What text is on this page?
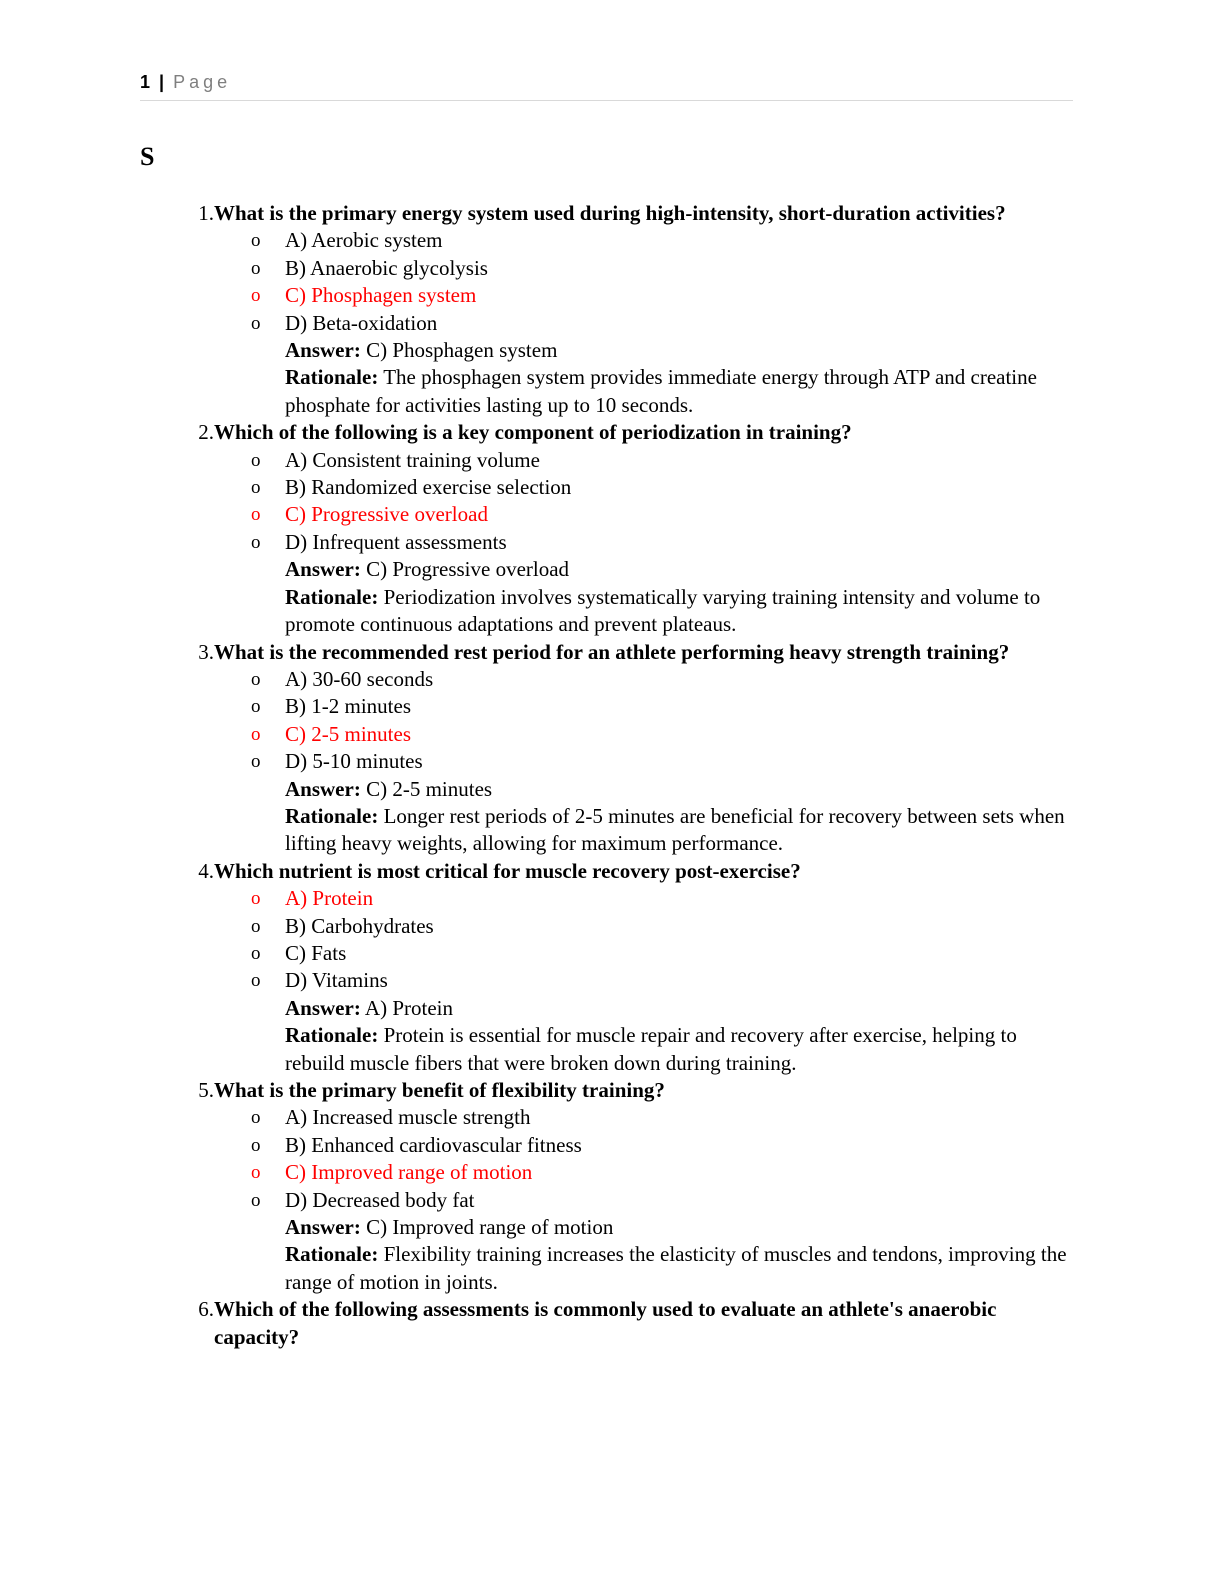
1 | Page
S
1. What is the primary energy system used during high-intensity, short-duration activities?
o	A) Aerobic system
o	B) Anaerobic glycolysis
o	C) Phosphagen system
o	D) Beta-oxidation
Answer: C) Phosphagen system
Rationale: The phosphagen system provides immediate energy through ATP and creatine phosphate for activities lasting up to 10 seconds.
2. Which of the following is a key component of periodization in training?
o	A) Consistent training volume
o	B) Randomized exercise selection
o	C) Progressive overload
o	D) Infrequent assessments
Answer: C) Progressive overload
Rationale: Periodization involves systematically varying training intensity and volume to promote continuous adaptations and prevent plateaus.
3. What is the recommended rest period for an athlete performing heavy strength training?
o	A) 30-60 seconds
o	B) 1-2 minutes
o	C) 2-5 minutes
o	D) 5-10 minutes
Answer: C) 2-5 minutes
Rationale: Longer rest periods of 2-5 minutes are beneficial for recovery between sets when lifting heavy weights, allowing for maximum performance.
4. Which nutrient is most critical for muscle recovery post-exercise?
o	A) Protein
o	B) Carbohydrates
o	C) Fats
o	D) Vitamins
Answer: A) Protein
Rationale: Protein is essential for muscle repair and recovery after exercise, helping to rebuild muscle fibers that were broken down during training.
5. What is the primary benefit of flexibility training?
o	A) Increased muscle strength
o	B) Enhanced cardiovascular fitness
o	C) Improved range of motion
o	D) Decreased body fat
Answer: C) Improved range of motion
Rationale: Flexibility training increases the elasticity of muscles and tendons, improving the range of motion in joints.
6. Which of the following assessments is commonly used to evaluate an athlete's anaerobic capacity?
